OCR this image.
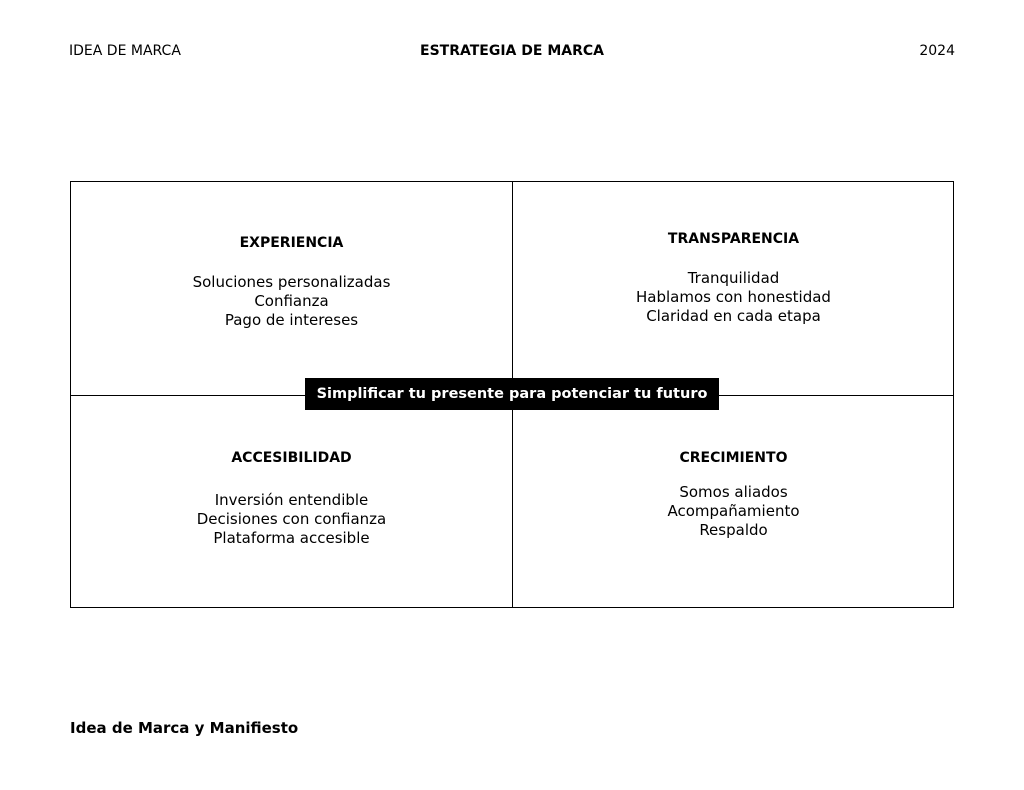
IDEA DE MARCA	ESTRATEGIA DE MARCA	2024
EXPERIENCIA
Soluciones personalizadas
Confianza
Pago de intereses
TRANSPARENCIA
Tranquilidad
Hablamos con honestidad
Claridad en cada etapa
ACCESIBILIDAD
Inversión entendible
Decisiones con confianza
Plataforma accesible
CRECIMIENTO
Somos aliados
Acompañamiento
Respaldo
Simplificar tu presente para potenciar tu futuro
Idea de Marca y Manifiesto
